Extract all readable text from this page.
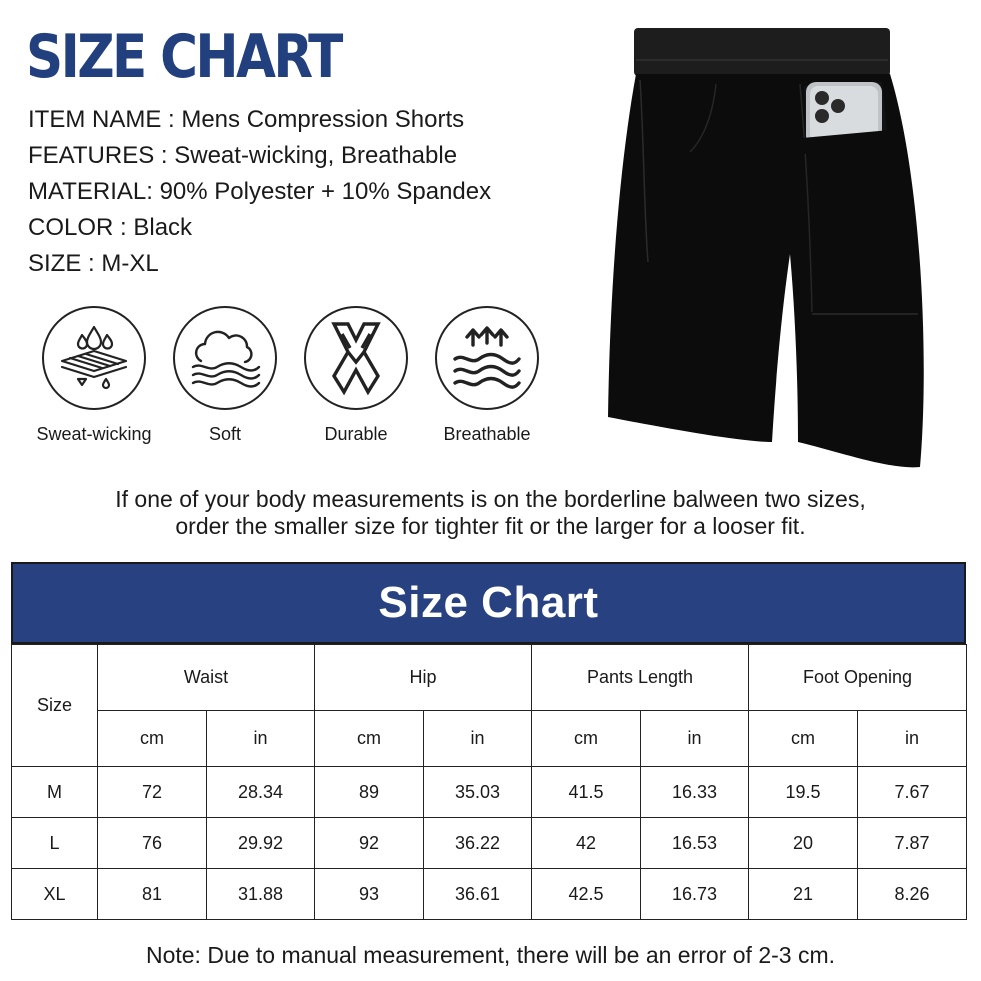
SIZE CHART
ITEM NAME : Mens Compression Shorts
FEATURES : Sweat-wicking, Breathable
MATERIAL: 90% Polyester + 10% Spandex
COLOR : Black
SIZE : M-XL
Sweat-wicking	Soft	Durable	Breathable
If one of your body measurements is on the borderline balween two sizes,
order the smaller size for tighter fit or the larger for a looser fit.
Size Chart
Size	Waist		Hip		Pants Length		Foot Opening	
	cm	in	cm	in	cm	in	cm	in
M	72	28.34	89	35.03	41.5	16.33	19.5	7.67
L	76	29.92	92	36.22	42	16.53	20	7.87
XL	81	31.88	93	36.61	42.5	16.73	21	8.26
Note: Due to manual measurement, there will be an error of 2-3 cm.
